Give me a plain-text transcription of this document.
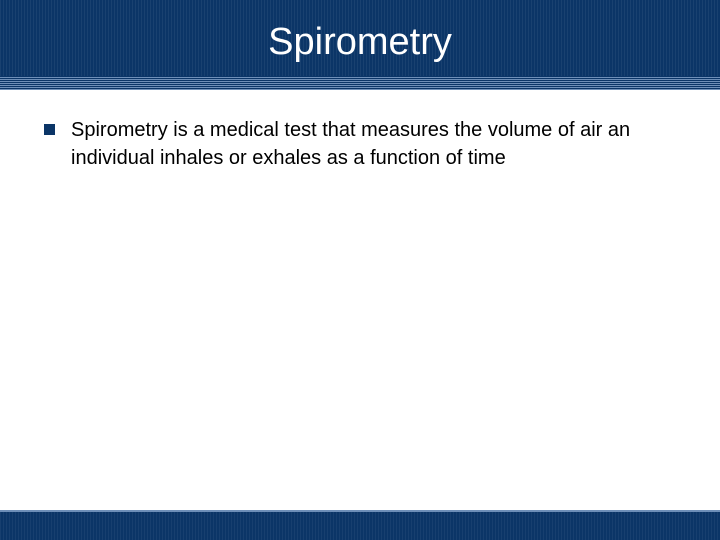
Spirometry
Spirometry is a medical test that measures the volume of air an individual inhales or exhales as a function of time
